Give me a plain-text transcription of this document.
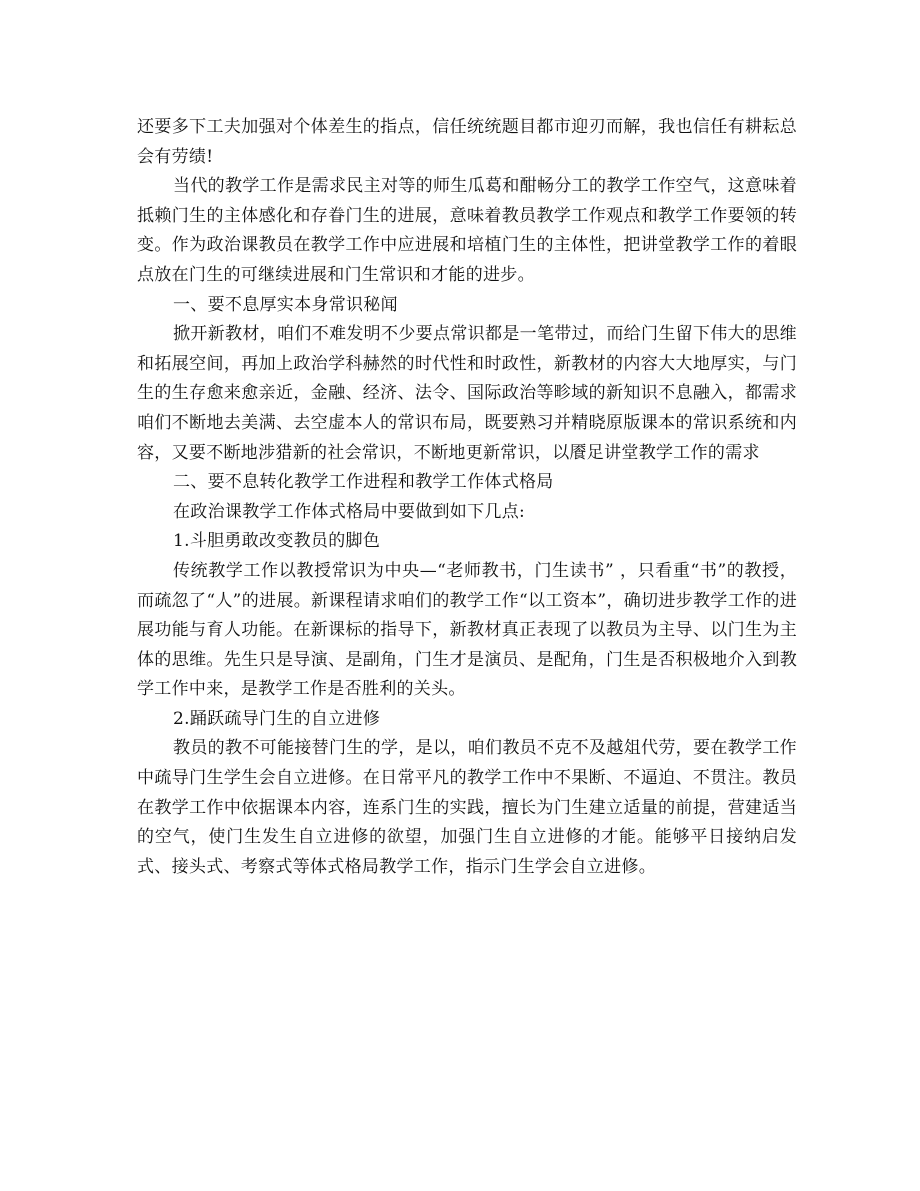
还要多下工夫加强对个体差生的指点，信任统统题目都市迎刃而解，我也信任有耕耘总会有劳绩!

当代的教学工作是需求民主对等的师生瓜葛和酣畅分工的教学工作空气，这意味着抵赖门生的主体感化和存眷门生的进展，意味着教员教学工作观点和教学工作要领的转变。作为政治课教员在教学工作中应进展和培植门生的主体性，把讲堂教学工作的着眼点放在门生的可继续进展和门生常识和才能的进步。

一、要不息厚实本身常识秘闻

掀开新教材，咱们不难发明不少要点常识都是一笔带过，而给门生留下伟大的思维和拓展空间，再加上政治学科赫然的时代性和时政性，新教材的内容大大地厚实，与门生的生存愈来愈亲近，金融、经济、法令、国际政治等畛域的新知识不息融入，都需求咱们不断地去美满、去空虚本人的常识布局，既要熟习并精晓原版课本的常识系统和内容，又要不断地涉猎新的社会常识，不断地更新常识，以餍足讲堂教学工作的需求

二、要不息转化教学工作进程和教学工作体式格局

在政治课教学工作体式格局中要做到如下几点:

1.斗胆勇敢改变教员的脚色

传统教学工作以教授常识为中央—“老师教书，门生读书” ，只看重“书”的教授，而疏忽了“人”的进展。新课程请求咱们的教学工作“以工资本”，确切进步教学工作的进展功能与育人功能。在新课标的指导下，新教材真正表现了以教员为主导、以门生为主体的思维。先生只是导演、是副角，门生才是演员、是配角，门生是否积极地介入到教学工作中来，是教学工作是否胜利的关头。

2.踊跃疏导门生的自立进修

教员的教不可能接替门生的学，是以，咱们教员不克不及越俎代劳，要在教学工作中疏导门生学生会自立进修。在日常平凡的教学工作中不果断、不逼迫、不贯注。教员在教学工作中依据课本内容，连系门生的实践，擅长为门生建立适量的前提，营建适当的空气，使门生发生自立进修的欲望，加强门生自立进修的才能。能够平日接纳启发式、接头式、考察式等体式格局教学工作，指示门生学会自立进修。
